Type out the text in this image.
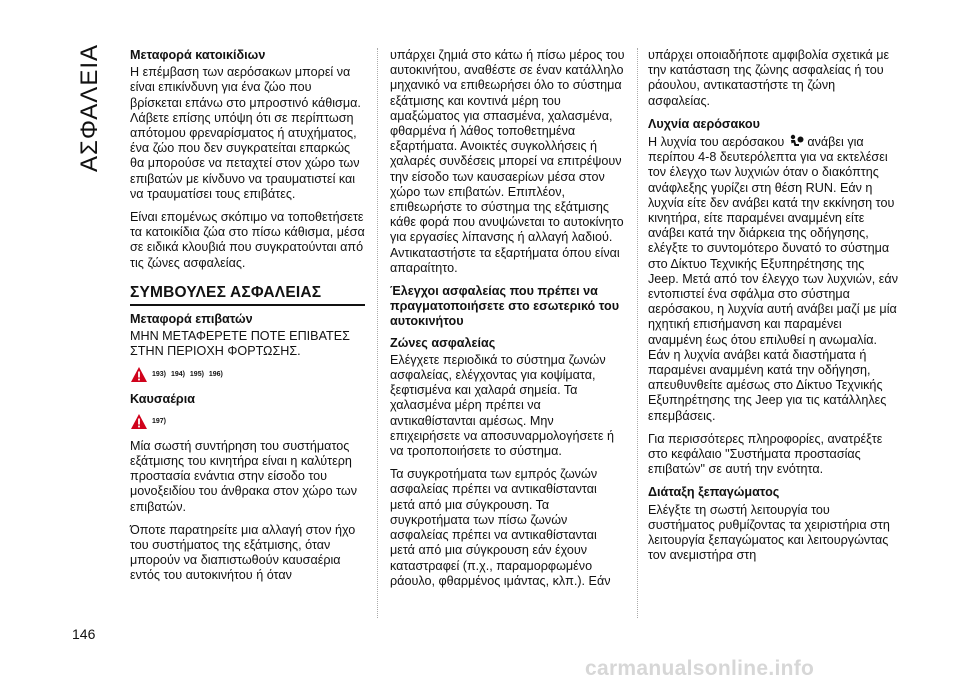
ΑΣΦΑΛΕΙΑ Μεταφορά κατοικίδιων

Η επέμβαση των αερόσακων μπορεί να είναι επικίνδυνη για ένα ζώο που βρίσκεται επάνω στο μπροστινό κάθισμα. Λάβετε επίσης υπόψη ότι σε περίπτωση απότομου φρεναρίσματος ή ατυχήματος, ένα ζώο που δεν συγκρατείται επαρκώς θα μπορούσε να πεταχτεί στον χώρο των επιβατών με κίνδυνο να τραυματιστεί και να τραυματίσει τους επιβάτες.

Είναι επομένως σκόπιμο να τοποθετήσετε τα κατοικίδια ζώα στο πίσω κάθισμα, μέσα σε ειδικά κλουβιά που συγκρατούνται από τις ζώνες ασφαλείας.

ΣΥΜΒΟΥΛΕΣ ΑΣΦΑΛΕΙΑΣ
Μεταφορά επιβατών

ΜΗΝ ΜΕΤΑΦΕΡΕΤΕ ΠΟΤΕ ΕΠΙΒΑΤΕΣ ΣΤΗΝ ΠΕΡΙΟΧΗ ΦΟΡΤΩΣΗΣ.

193) 194) 195) 196)
Καυσαέρια
197)

Μία σωστή συντήρηση του συστήματος εξάτμισης του κινητήρα είναι η καλύτερη προστασία ενάντια στην είσοδο του μονοξειδίου του άνθρακα στον χώρο των επιβατών.

Όποτε παρατηρείτε μια αλλαγή στον ήχο του συστήματος της εξάτμισης, όταν μπορούν να διαπιστωθούν καυσαέρια εντός του αυτοκινήτου ή όταν

υπάρχει ζημιά στο κάτω ή πίσω μέρος του αυτοκινήτου, αναθέστε σε έναν κατάλληλο μηχανικό να επιθεωρήσει όλο το σύστημα εξάτμισης και κοντινά μέρη του αμαξώματος για σπασμένα, χαλασμένα, φθαρμένα ή λάθος τοποθετημένα εξαρτήματα. Ανοικτές συγκολλήσεις ή χαλαρές συνδέσεις μπορεί να επιτρέψουν την είσοδο των καυσαερίων μέσα στον χώρο των επιβατών. Επιπλέον, επιθεωρήστε το σύστημα της εξάτμισης κάθε φορά που ανυψώνεται το αυτοκίνητο για εργασίες λίπανσης ή αλλαγή λαδιού. Αντικαταστήστε τα εξαρτήματα όπου είναι απαραίτητο.

Έλεγχοι ασφαλείας που πρέπει να πραγματοποιήσετε στο εσωτερικό του αυτοκινήτου
Ζώνες ασφαλείας

Ελέγχετε περιοδικά το σύστημα ζωνών ασφαλείας, ελέγχοντας για κοψίματα, ξεφτισμένα και χαλαρά σημεία. Τα χαλασμένα μέρη πρέπει να αντικαθίστανται αμέσως. Μην επιχειρήσετε να αποσυναρμολογήσετε ή να τροποποιήσετε το σύστημα.

Τα συγκροτήματα των εμπρός ζωνών ασφαλείας πρέπει να αντικαθίστανται μετά από μια σύγκρουση. Τα συγκροτήματα των πίσω ζωνών ασφαλείας πρέπει να αντικαθίστανται μετά από μια σύγκρουση εάν έχουν καταστραφεί (π.χ., παραμορφωμένο ράουλο, φθαρμένος ιμάντας, κλπ.). Εάν

υπάρχει οποιαδήποτε αμφιβολία σχετικά με την κατάσταση της ζώνης ασφαλείας ή του ράουλου, αντικαταστήστε τη ζώνη ασφαλείας.

Λυχνία αερόσακου

Η λυχνία του αερόσακου ανάβει για περίπου 4-8 δευτερόλεπτα για να εκτελέσει τον έλεγχο των λυχνιών όταν ο διακόπτης ανάφλεξης γυρίζει στη θέση RUN. Εάν η λυχνία είτε δεν ανάβει κατά την εκκίνηση του κινητήρα, είτε παραμένει αναμμένη είτε ανάβει κατά την διάρκεια της οδήγησης, ελέγξτε το συντομότερο δυνατό το σύστημα στο Δίκτυο Τεχνικής Εξυπηρέτησης της Jeep. Μετά από τον έλεγχο των λυχνιών, εάν εντοπιστεί ένα σφάλμα στο σύστημα αερόσακου, η λυχνία αυτή ανάβει μαζί με μία ηχητική επισήμανση και παραμένει αναμμένη έως ότου επιλυθεί η ανωμαλία. Εάν η λυχνία ανάβει κατά διαστήματα ή παραμένει αναμμένη κατά την οδήγηση, απευθυνθείτε αμέσως στο Δίκτυο Τεχνικής Εξυπηρέτησης της Jeep για τις κατάλληλες επεμβάσεις.

Για περισσότερες πληροφορίες, ανατρέξτε στο κεφάλαιο "Συστήματα προστασίας επιβατών" σε αυτή την ενότητα.

Διάταξη ξεπαγώματος

Ελέγξτε τη σωστή λειτουργία του συστήματος ρυθμίζοντας τα χειριστήρια στη λειτουργία ξεπαγώματος και λειτουργώντας τον ανεμιστήρα στη

146
carmanualsonline.info
